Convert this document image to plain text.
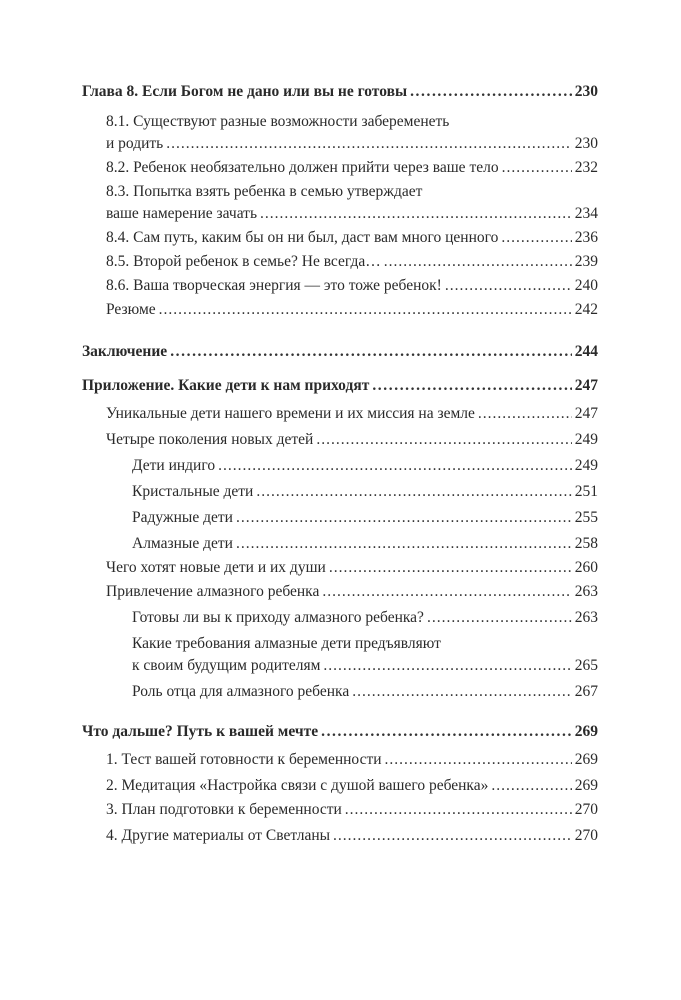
Глава 8. Если Богом не дано или вы не готовы .....	230
8.1. Существуют разные возможности забеременеть
и родить .....	230
8.2. Ребенок необязательно должен прийти через ваше тело .....	232
8.3. Попытка взять ребенка в семью утверждает
ваше намерение зачать .....	234
8.4. Сам путь, каким бы он ни был, даст вам много ценного .....	236
8.5. Второй ребенок в семье? Не всегда… .....	239
8.6. Ваша творческая энергия — это тоже ребенок! .....	240
Резюме .....	242
Заключение .....	244
Приложение. Какие дети к нам приходят .....	247
Уникальные дети нашего времени и их миссия на земле .....	247
Четыре поколения новых детей .....	249
Дети индиго .....	249
Кристальные дети .....	251
Радужные дети .....	255
Алмазные дети .....	258
Чего хотят новые дети и их души .....	260
Привлечение алмазного ребенка .....	263
Готовы ли вы к приходу алмазного ребенка? .....	263
Какие требования алмазные дети предъявляют
к своим будущим родителям .....	265
Роль отца для алмазного ребенка .....	267
Что дальше? Путь к вашей мечте .....	269
1. Тест вашей готовности к беременности .....	269
2. Медитация «Настройка связи с душой вашего ребенка» .....	269
3. План подготовки к беременности .....	270
4. Другие материалы от Светланы .....	270
